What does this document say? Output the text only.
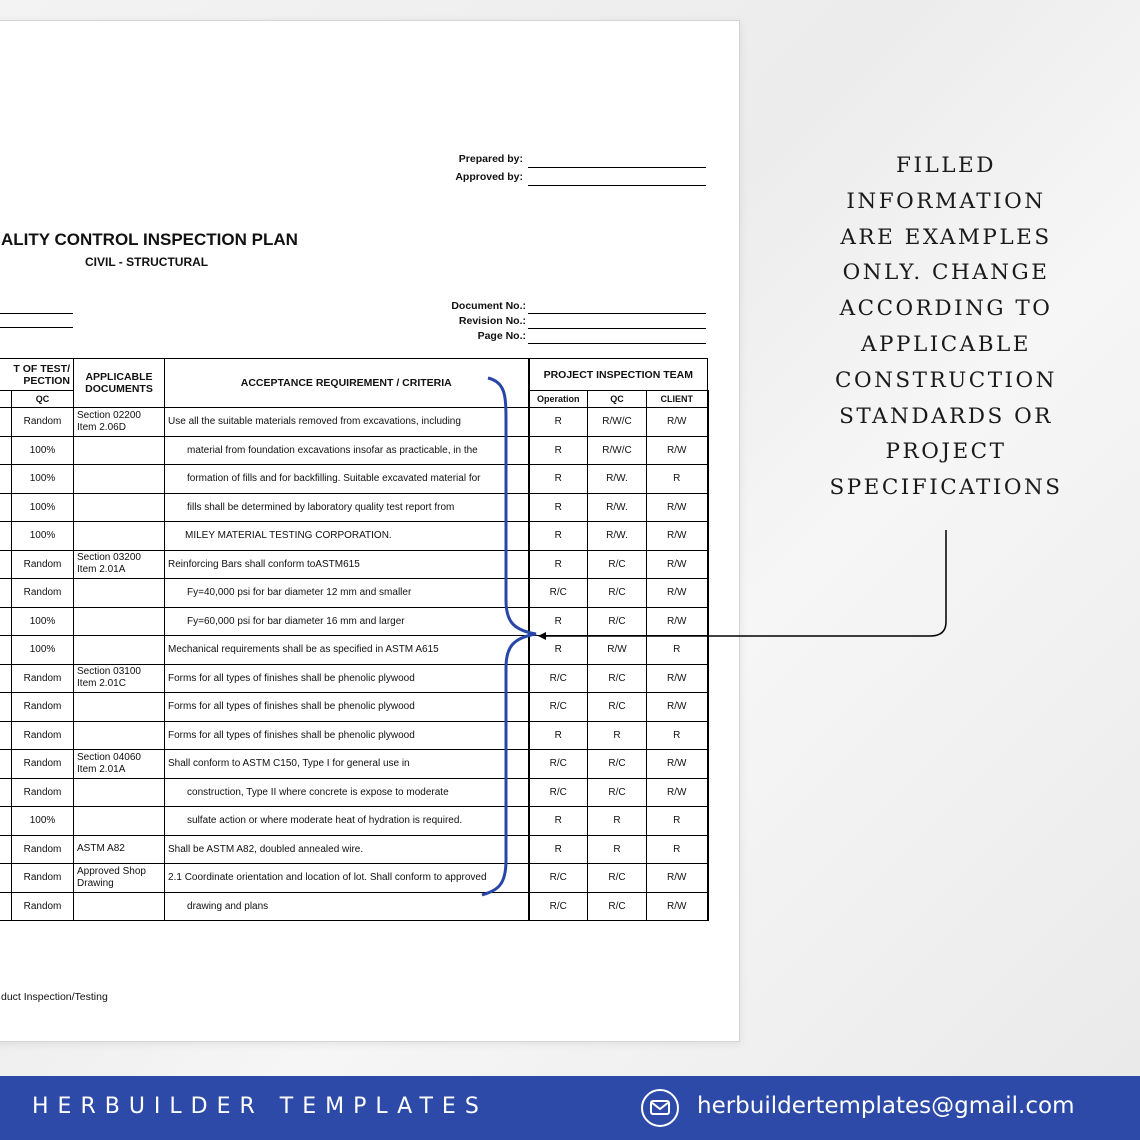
Prepared by:
Approved by:
ALITY CONTROL INSPECTION PLAN
CIVIL - STRUCTURAL
Document No.:
Revision No.:
Page No.:
T OF TEST/ PECTION		APPLICABLE DOCUMENTS	ACCEPTANCE REQUIREMENT / CRITERIA	PROJECT INSPECTION TEAM		
	QC			Operation	QC	CLIENT
	Random	Section 02200 Item 2.06D	Use all the suitable materials removed from excavations, including	R	R/W/C	R/W
	100%		material from foundation excavations insofar as practicable, in the	R	R/W/C	R/W
	100%		formation of fills and for backfilling. Suitable excavated material for	R	R/W.	R
	100%		fills shall be determined by laboratory quality test report from	R	R/W.	R/W
	100%		MILEY MATERIAL TESTING CORPORATION.	R	R/W.	R/W
	Random	Section 03200 Item 2.01A	Reinforcing Bars shall conform toASTM615	R	R/C	R/W
	Random		Fy=40,000 psi for bar diameter 12 mm and smaller	R/C	R/C	R/W
	100%		Fy=60,000 psi for bar diameter 16 mm and larger	R	R/C	R/W
	100%		Mechanical requirements shall be as specified in ASTM A615	R	R/W	R
	Random	Section 03100 Item 2.01C	Forms for all types of finishes shall be phenolic plywood	R/C	R/C	R/W
	Random		Forms for all types of finishes shall be phenolic plywood	R/C	R/C	R/W
	Random		Forms for all types of finishes shall be phenolic plywood	R	R	R
	Random	Section 04060 Item 2.01A	Shall conform to ASTM C150, Type I for general use in	R/C	R/C	R/W
	Random		construction, Type II where concrete is expose to moderate	R/C	R/C	R/W
	100%		sulfate action or where moderate heat of hydration is required.	R	R	R
	Random	ASTM A82	Shall be ASTM A82, doubled annealed wire.	R	R	R
	Random	Approved Shop Drawing	2.1 Coordinate orientation and location of lot. Shall conform to approved	R/C	R/C	R/W
	Random		drawing and plans	R/C	R/C	R/W
duct Inspection/Testing
FILLED INFORMATION ARE EXAMPLES ONLY. CHANGE ACCORDING TO APPLICABLE CONSTRUCTION STANDARDS OR PROJECT SPECIFICATIONS
HERBUILDER TEMPLATES	herbuildertemplates@gmail.com
